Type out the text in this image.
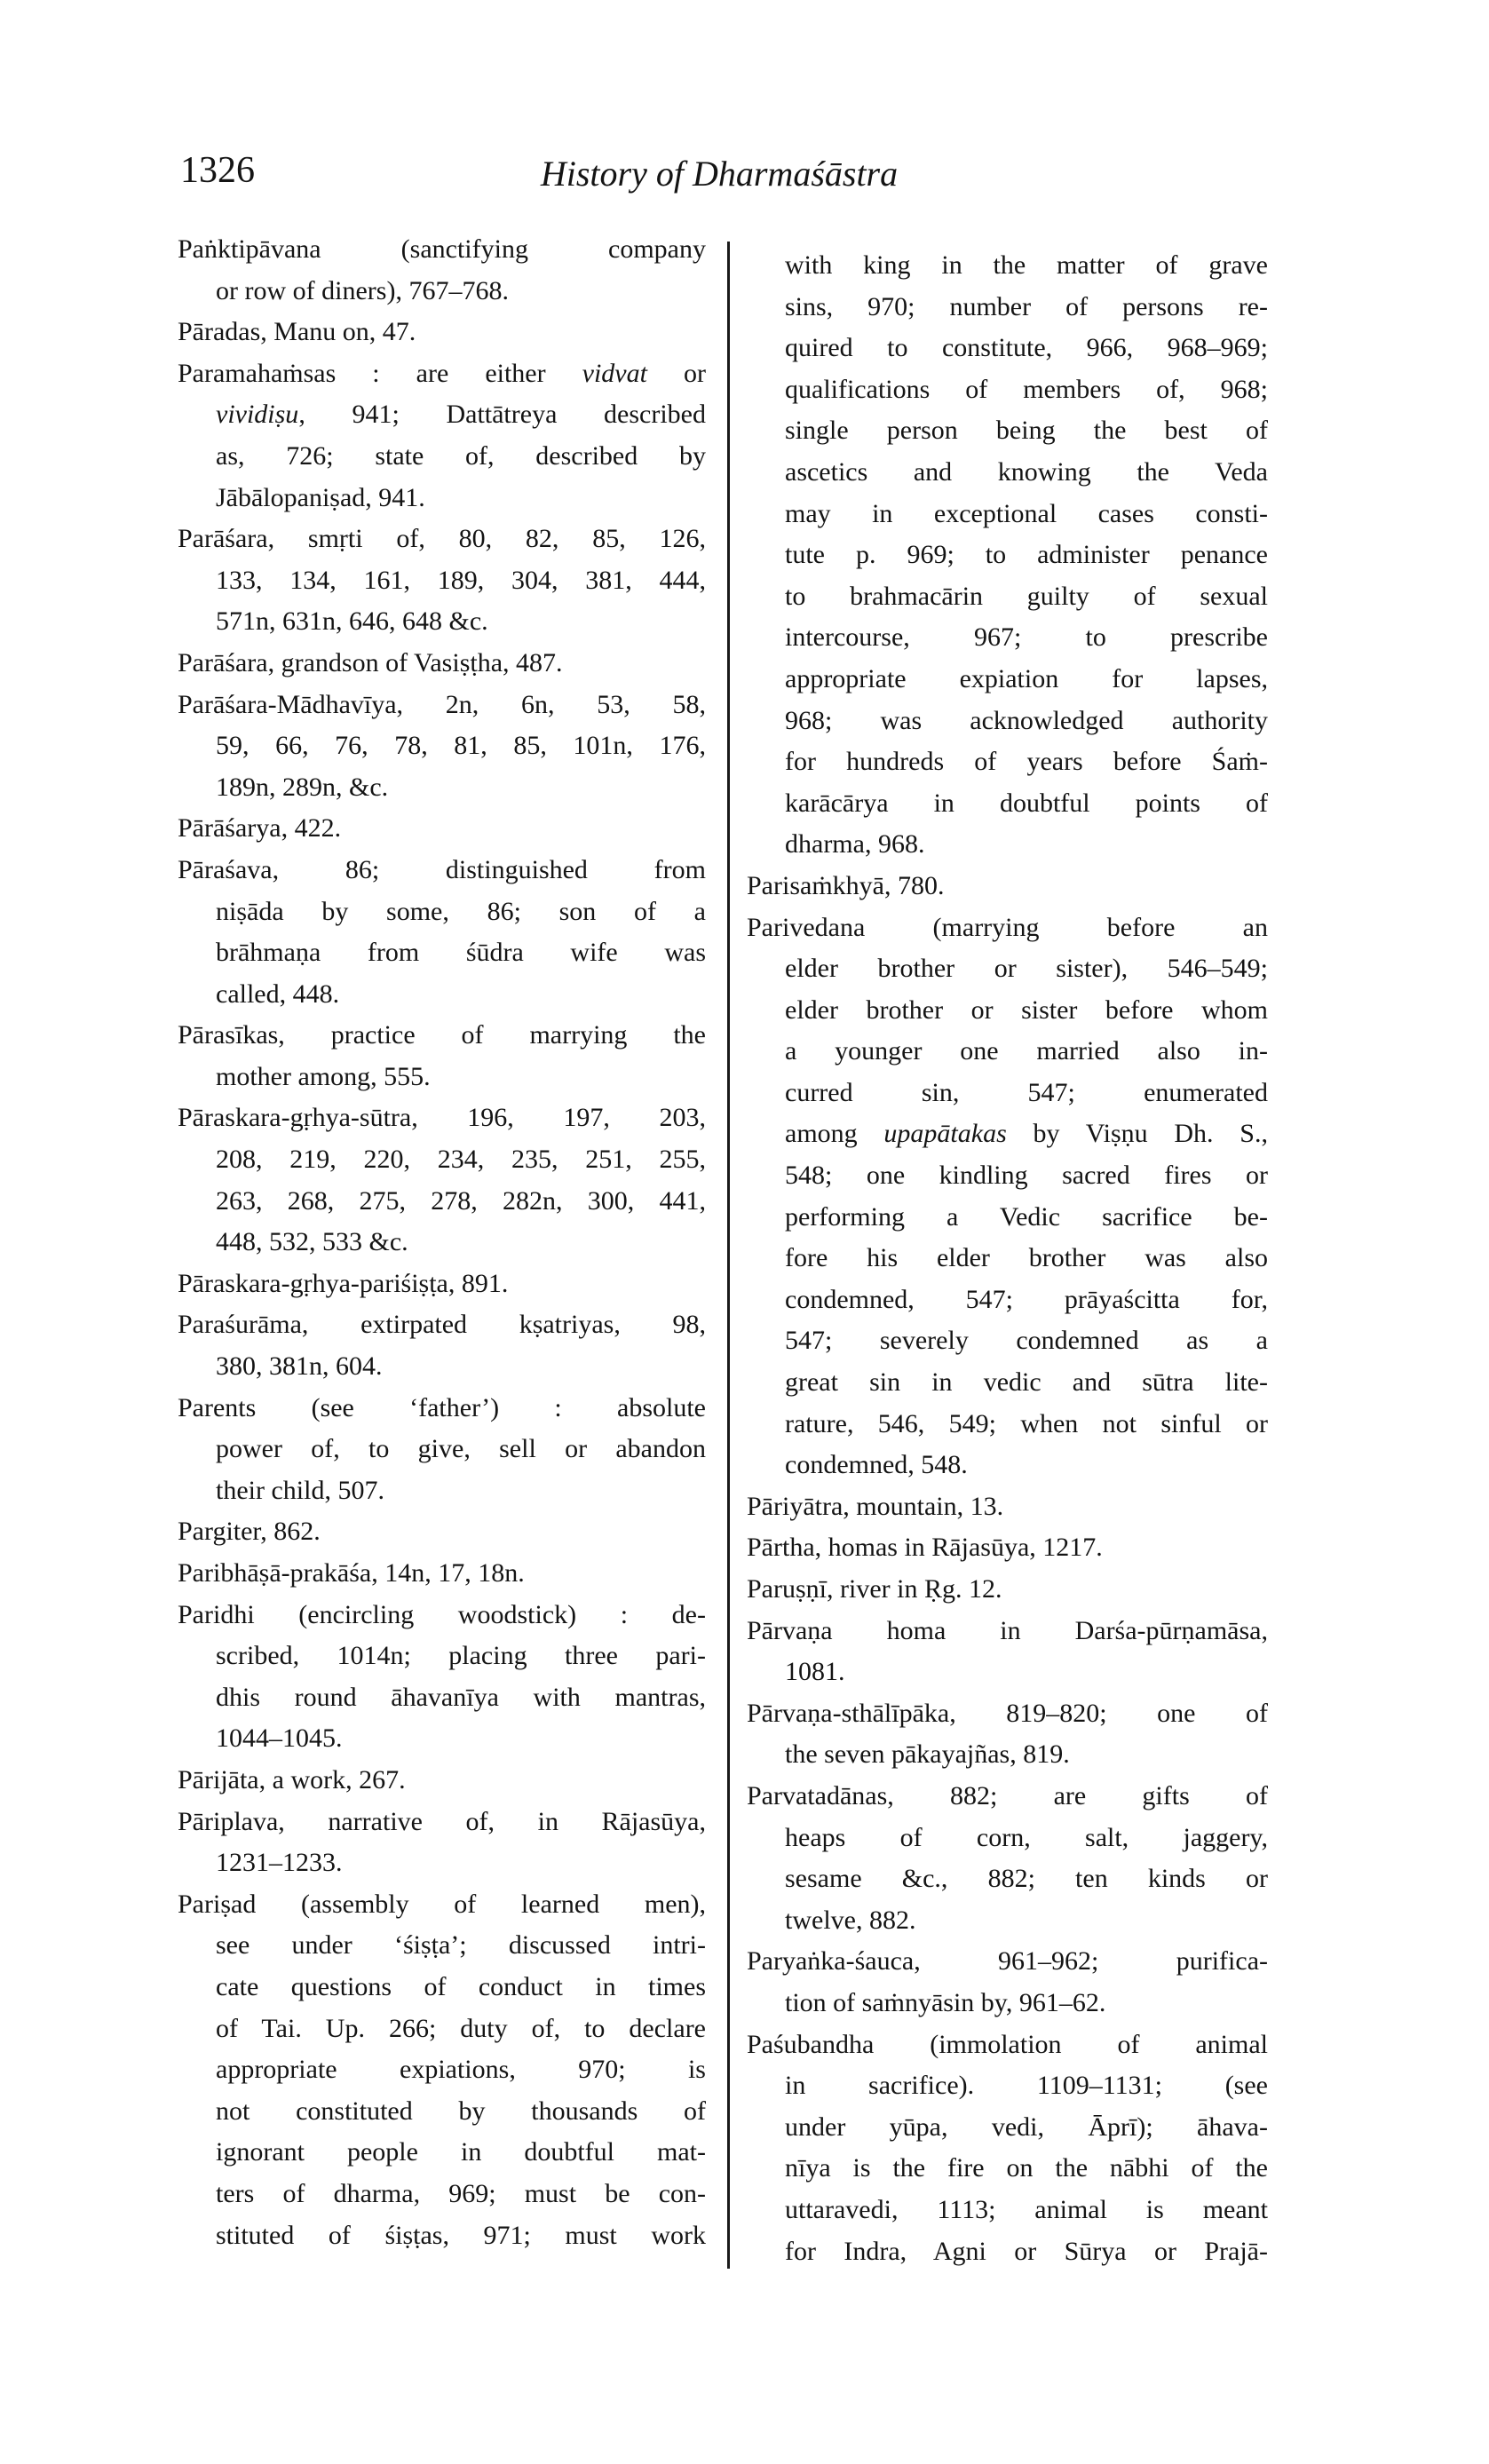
1326	History of Dharmaśāstra
Paṅktipāvana (sanctifying company
or row of diners), 767–768.
Pāradas, Manu on, 47.
Paramahaṁsas : are either vidvat or
vividiṣu, 941; Dattātreya described
as, 726; state of, described by
Jābālopaniṣad, 941.
Parāśara, smṛti of, 80, 82, 85, 126,
133, 134, 161, 189, 304, 381, 444,
571n, 631n, 646, 648 &c.
Parāśara, grandson of Vasiṣṭha, 487.
Parāśara-Mādhavīya, 2n, 6n, 53, 58,
59, 66, 76, 78, 81, 85, 101n, 176,
189n, 289n, &c.
Pārāśarya, 422.
Pāraśava, 86; distinguished from
niṣāda by some, 86; son of a
brāhmaṇa from śūdra wife was
called, 448.
Pārasīkas, practice of marrying the
mother among, 555.
Pāraskara-gṛhya-sūtra, 196, 197, 203,
208, 219, 220, 234, 235, 251, 255,
263, 268, 275, 278, 282n, 300, 441,
448, 532, 533 &c.
Pāraskara-gṛhya-pariśiṣṭa, 891.
Paraśurāma, extirpated kṣatriyas, 98,
380, 381n, 604.
Parents (see ‘father’) : absolute
power of, to give, sell or abandon
their child, 507.
Pargiter, 862.
Paribhāṣā-prakāśa, 14n, 17, 18n.
Paridhi (encircling woodstick) : de-
scribed, 1014n; placing three pari-
dhis round āhavanīya with mantras,
1044–1045.
Pārijāta, a work, 267.
Pāriplava, narrative of, in Rājasūya,
1231–1233.
Pariṣad (assembly of learned men),
see under ‘śiṣṭa’; discussed intri-
cate questions of conduct in times
of Tai. Up. 266; duty of, to declare
appropriate expiations, 970; is
not constituted by thousands of
ignorant people in doubtful mat-
ters of dharma, 969; must be con-
stituted of śiṣṭas, 971; must work
with king in the matter of grave
sins, 970; number of persons re-
quired to constitute, 966, 968–969;
qualifications of members of, 968;
single person being the best of
ascetics and knowing the Veda
may in exceptional cases consti-
tute p. 969; to administer penance
to brahmacārin guilty of sexual
intercourse, 967; to prescribe
appropriate expiation for lapses,
968; was acknowledged authority
for hundreds of years before Śaṁ-
karācārya in doubtful points of
dharma, 968.
Parisaṁkhyā, 780.
Parivedana (marrying before an
elder brother or sister), 546–549;
elder brother or sister before whom
a younger one married also in-
curred sin, 547; enumerated
among upapātakas by Viṣṇu Dh. S.,
548; one kindling sacred fires or
performing a Vedic sacrifice be-
fore his elder brother was also
condemned, 547; prāyaścitta for,
547; severely condemned as a
great sin in vedic and sūtra lite-
rature, 546, 549; when not sinful or
condemned, 548.
Pāriyātra, mountain, 13.
Pārtha, homas in Rājasūya, 1217.
Paruṣṇī, river in Ṛg. 12.
Pārvaṇa homa in Darśa-pūrṇamāsa,
1081.
Pārvaṇa-sthālīpāka, 819–820; one of
the seven pākayajñas, 819.
Parvatadānas, 882; are gifts of
heaps of corn, salt, jaggery,
sesame &c., 882; ten kinds or
twelve, 882.
Paryaṅka-śauca, 961–962; purifica-
tion of saṁnyāsin by, 961–62.
Paśubandha (immolation of animal
in sacrifice). 1109–1131; (see
under yūpa, vedi, Āprī); āhava-
nīya is the fire on the nābhi of the
uttaravedi, 1113; animal is meant
for Indra, Agni or Sūrya or Prajā-
